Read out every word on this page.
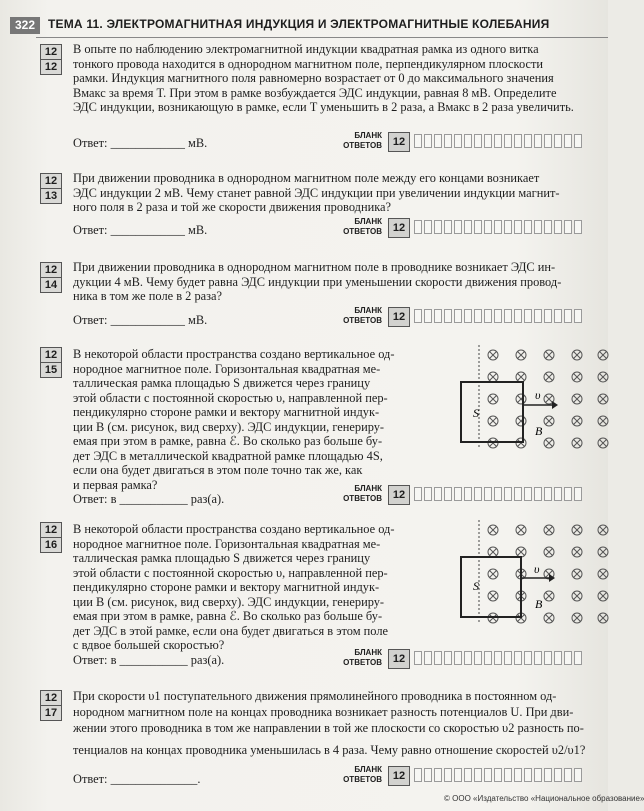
322	ТЕМА 11. ЭЛЕКТРОМАГНИТНАЯ ИНДУКЦИЯ И ЭЛЕКТРОМАГНИТНЫЕ КОЛЕБАНИЯ
12
12
В опыте по наблюдению электромагнитной индукции квадратная рамка из одного витка
тонкого провода находится в однородном магнитном поле, перпендикулярном плоскости
рамки. Индукция магнитного поля равномерно возрастает от 0 до максимального значения
Bмакс за время T. При этом в рамке возбуждается ЭДС индукции, равная 8 мВ. Определите
ЭДС индукции, возникающую в рамке, если T уменьшить в 2 раза, а Bмакс в 2 раза увеличить.
Ответ: ____________ мВ.
БЛАНК
ОТВЕТОВ 12
12
13
При движении проводника в однородном магнитном поле между его концами возникает
ЭДС индукции 2 мВ. Чему станет равной ЭДС индукции при увеличении индукции магнит-
ного поля в 2 раза и той же скорости движения проводника?
Ответ: ____________ мВ.
БЛАНК
ОТВЕТОВ 12
12
14
При движении проводника в однородном магнитном поле в проводнике возникает ЭДС ин-
дукции 4 мВ. Чему будет равна ЭДС индукции при уменьшении скорости движения провод-
ника в том же поле в 2 раза?
Ответ: ____________ мВ.
БЛАНК
ОТВЕТОВ 12
12
15
В некоторой области пространства создано вертикальное од-
нородное магнитное поле. Горизонтальная квадратная ме-
таллическая рамка площадью S движется через границу
этой области с постоянной скоростью υ, направленной пер-
пендикулярно стороне рамки и вектору магнитной индук-
ции B (см. рисунок, вид сверху). ЭДС индукции, генериру-
емая при этом в рамке, равна ℰ. Во сколько раз больше бу-
дет ЭДС в металлической квадратной рамке площадью 4S,
если она будет двигаться в этом поле точно так же, как
и первая рамка?
S
υ
B
Ответ: в ___________ раз(а).
БЛАНК
ОТВЕТОВ 12
12
16
В некоторой области пространства создано вертикальное од-
нородное магнитное поле. Горизонтальная квадратная ме-
таллическая рамка площадью S движется через границу
этой области с постоянной скоростью υ, направленной пер-
пендикулярно стороне рамки и вектору магнитной индук-
ции B (см. рисунок, вид сверху). ЭДС индукции, генериру-
емая при этом в рамке, равна ℰ. Во сколько раз больше бу-
дет ЭДС в этой рамке, если она будет двигаться в этом поле
с вдвое большей скоростью?
S
υ
B
Ответ: в ___________ раз(а).
БЛАНК
ОТВЕТОВ 12
12
17
При скорости υ1 поступательного движения прямолинейного проводника в постоянном од-
нородном магнитном поле на концах проводника возникает разность потенциалов U. При дви-
жении этого проводника в том же направлении в той же плоскости со скоростью υ2 разность по-
тенциалов на концах проводника уменьшилась в 4 раза. Чему равно отношение скоростей υ2/υ1?
Ответ: ______________.
БЛАНК
ОТВЕТОВ 12
© ООО «Издательство «Национальное образование»
